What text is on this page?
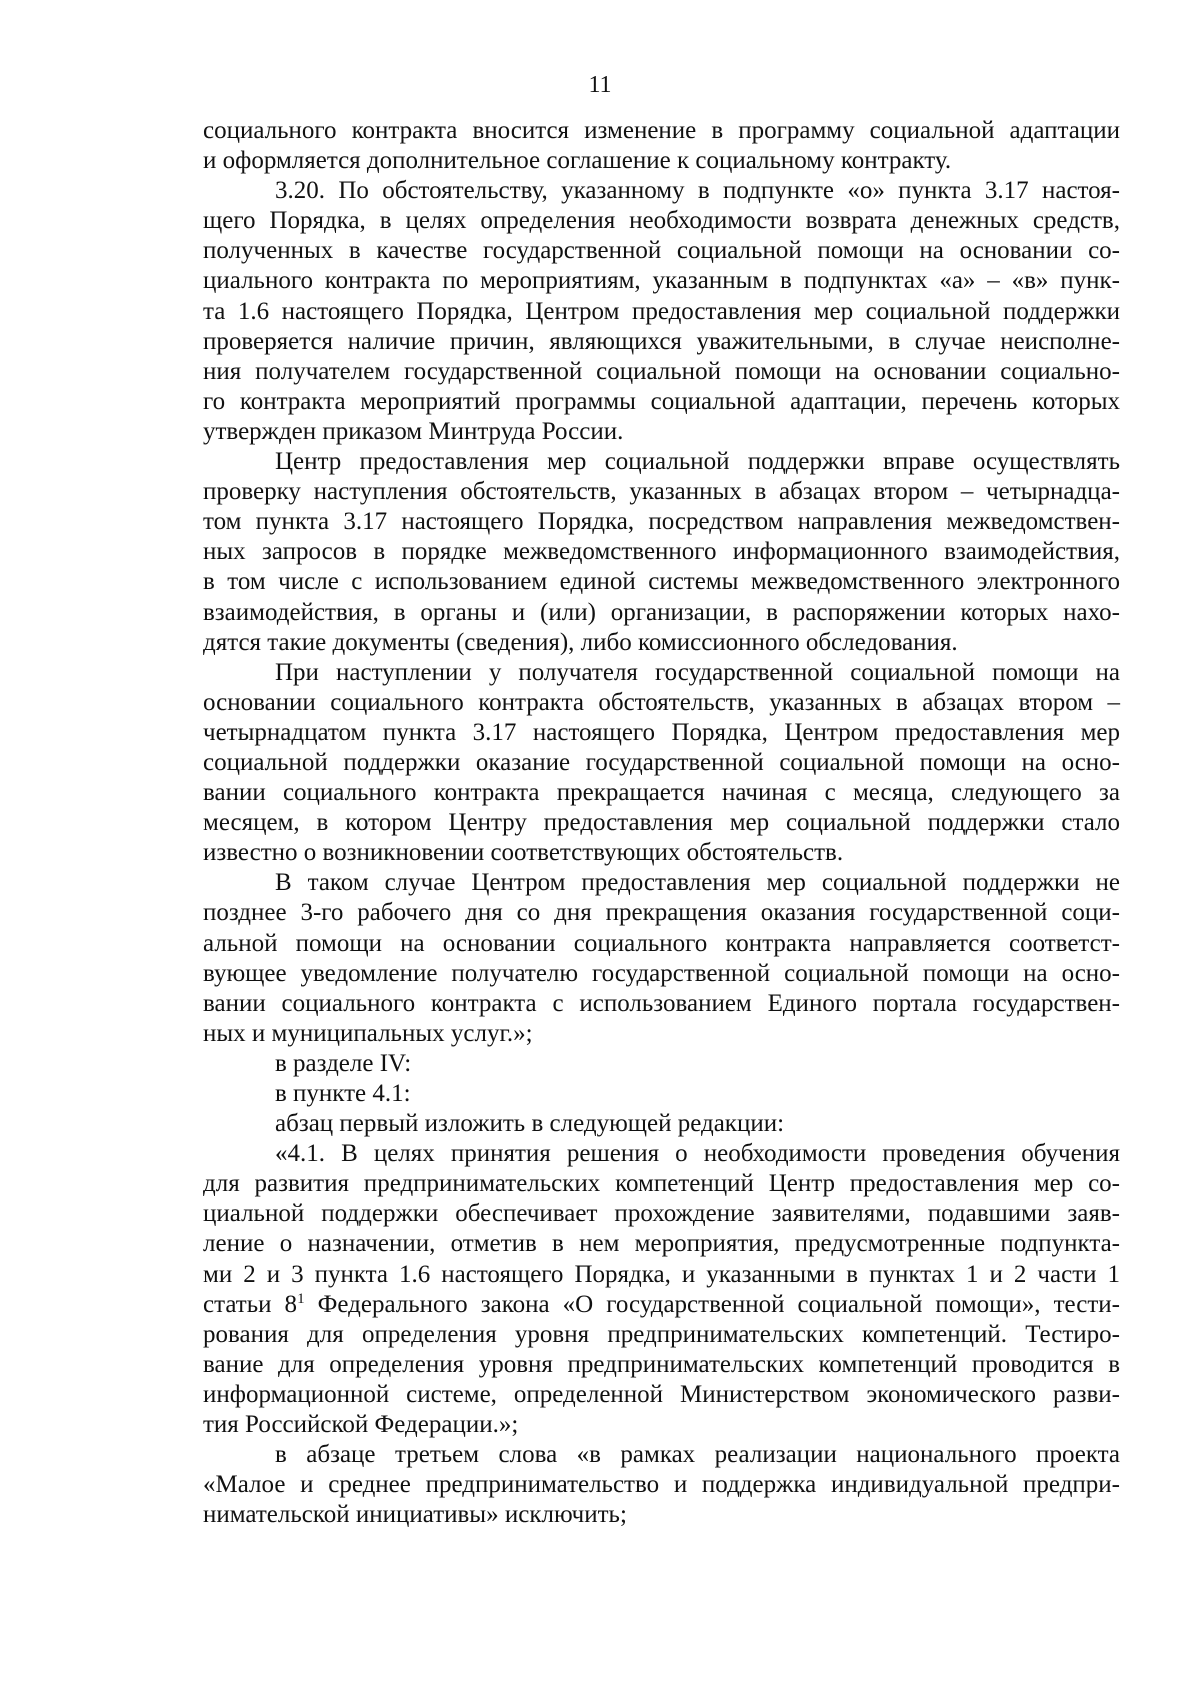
11
социального контракта вносится изменение в программу социальной адаптации
и оформляется дополнительное соглашение к социальному контракту.
3.20. По обстоятельству, указанному в подпункте «о» пункта 3.17 настоя-
щего Порядка, в целях определения необходимости возврата денежных средств,
полученных в качестве государственной социальной помощи на основании со-
циального контракта по мероприятиям, указанным в подпунктах «а» – «в» пунк-
та 1.6 настоящего Порядка, Центром предоставления мер социальной поддержки
проверяется наличие причин, являющихся уважительными, в случае неисполне-
ния получателем государственной социальной помощи на основании социально-
го контракта мероприятий программы социальной адаптации, перечень которых
утвержден приказом Минтруда России.
Центр предоставления мер социальной поддержки вправе осуществлять
проверку наступления обстоятельств, указанных в абзацах втором – четырнадца-
том пункта 3.17 настоящего Порядка, посредством направления межведомствен-
ных запросов в порядке межведомственного информационного взаимодействия,
в том числе с использованием единой системы межведомственного электронного
взаимодействия, в органы и (или) организации, в распоряжении которых нахо-
дятся такие документы (сведения), либо комиссионного обследования.
При наступлении у получателя государственной социальной помощи на
основании социального контракта обстоятельств, указанных в абзацах втором –
четырнадцатом пункта 3.17 настоящего Порядка, Центром предоставления мер
социальной поддержки оказание государственной социальной помощи на осно-
вании социального контракта прекращается начиная с месяца, следующего за
месяцем, в котором Центру предоставления мер социальной поддержки стало
известно о возникновении соответствующих обстоятельств.
В таком случае Центром предоставления мер социальной поддержки не
позднее 3-го рабочего дня со дня прекращения оказания государственной соци-
альной помощи на основании социального контракта направляется соответст-
вующее уведомление получателю государственной социальной помощи на осно-
вании социального контракта с использованием Единого портала государствен-
ных и муниципальных услуг.»;
в разделе IV:
в пункте 4.1:
абзац первый изложить в следующей редакции:
«4.1. В целях принятия решения о необходимости проведения обучения
для развития предпринимательских компетенций Центр предоставления мер со-
циальной поддержки обеспечивает прохождение заявителями, подавшими заяв-
ление о назначении, отметив в нем мероприятия, предусмотренные подпункта-
ми 2 и 3 пункта 1.6 настоящего Порядка, и указанными в пунктах 1 и 2 части 1
статьи $8^1$ Федерального закона «О государственной социальной помощи», тести-
рования для определения уровня предпринимательских компетенций. Тестиро-
вание для определения уровня предпринимательских компетенций проводится в
информационной системе, определенной Министерством экономического разви-
тия Российской Федерации.»;
в абзаце третьем слова «в рамках реализации национального проекта
«Малое и среднее предпринимательство и поддержка индивидуальной предпри-
нимательской инициативы» исключить;
